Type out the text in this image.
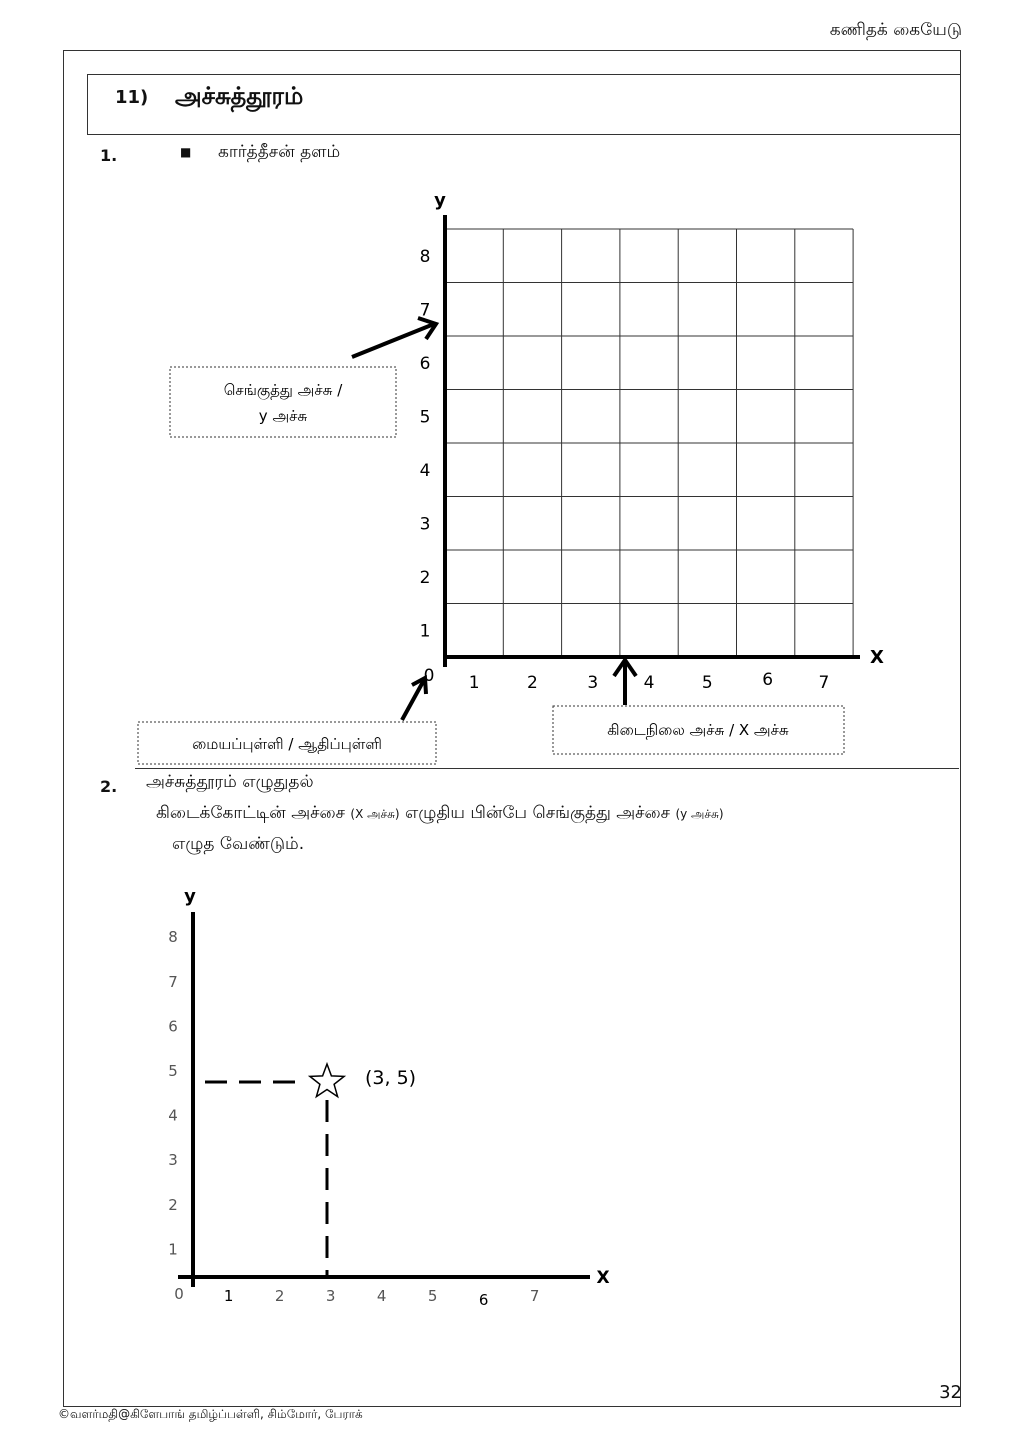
கணிதக் கையேடு
11) அச்சுத்தூரம்
1.	■ கார்த்தீசன் தளம்
1	2	3	4	5	6	7
1
2
3
4
5
6
7
8
0
X
y
செங்குத்து அச்சு /
y அச்சு
மையப்புள்ளி / ஆதிப்புள்ளி
கிடைநிலை அச்சு / X அச்சு
2. அச்சுத்தூரம் எழுதுதல்
கிடைக்கோட்டின் அச்சை (X அச்சு) எழுதிய பின்பே செங்குத்து அச்சை (y அச்சு)
எழுத வேண்டும்.
1	2	3	4	5	6	7
1
2
3
4
5
6
7
8
0
X
y
(3, 5)
32
©வளர்மதி@கிளேபாங் தமிழ்ப்பள்ளி, சிம்மோர், பேராக்
